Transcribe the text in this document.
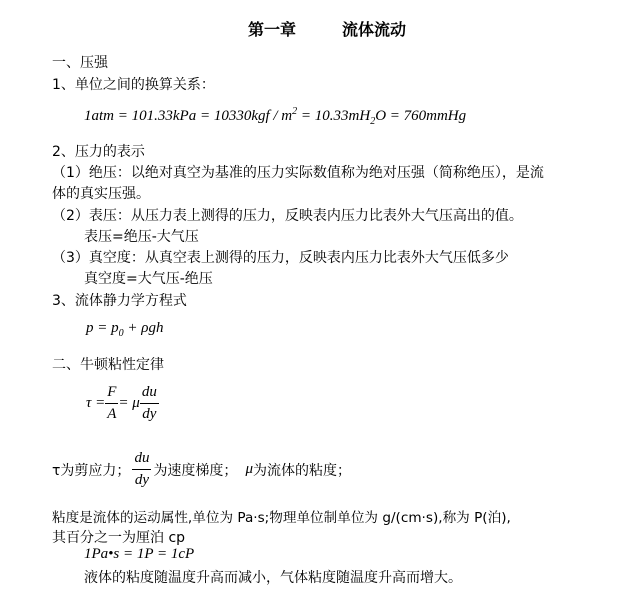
第一章	流体流动
一、压强
1、单位之间的换算关系：
$1atm = 101.33kPa = 10330kgf / m^2 = 10.33mH_2O$ = 760mmHg
2、压力的表示
（1）绝压：以绝对真空为基准的压力实际数值称为绝对压强（简称绝压），是流
体的真实压强。
（2）表压：从压力表上测得的压力，反映表内压力比表外大气压高出的值。
表压=绝压-大气压
（3）真空度：从真空表上测得的压力，反映表内压力比表外大气压低多少
真空度=大气压-绝压
3、流体静力学方程式
$p = p_0 + \rho gh$
二、牛顿粘性定律
$\tau = \frac{F}{A} = \mu \frac{du}{dy}$
τ为剪应力； $\frac{du}{dy}$ 为速度梯度； μ 为流体的粘度；
粘度是流体的运动属性,单位为 Pa·s;物理单位制单位为 g/(cm·s),称为 P(泊),
其百分之一为厘泊 cp
1Pa•s = 1P = 1cP
液体的粘度随温度升高而减小，气体粘度随温度升高而增大。
